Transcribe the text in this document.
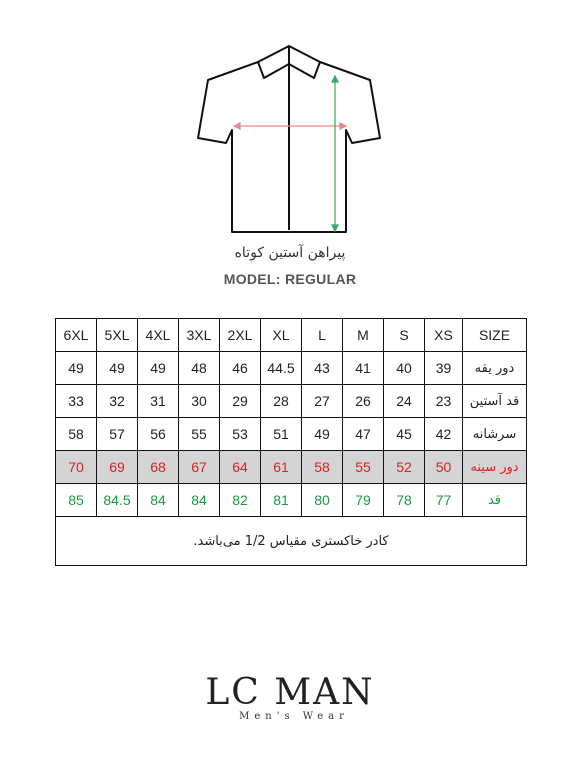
پیراهن آستین کوتاه
MODEL: REGULAR
6XL	5XL	4XL	3XL	2XL	XL	L	M	S	XS	SIZE
49	49	49	48	46	44.5	43	41	40	39	دور یقه
33	32	31	30	29	28	27	26	24	23	قد آستین
58	57	56	55	53	51	49	47	45	42	سرشانه
70	69	68	67	64	61	58	55	52	50	دور سینه
85	84.5	84	84	82	81	80	79	78	77	قد
کادر خاکستری مقیاس 1/2 می‌باشد.										
LC MAN
Men's Wear
